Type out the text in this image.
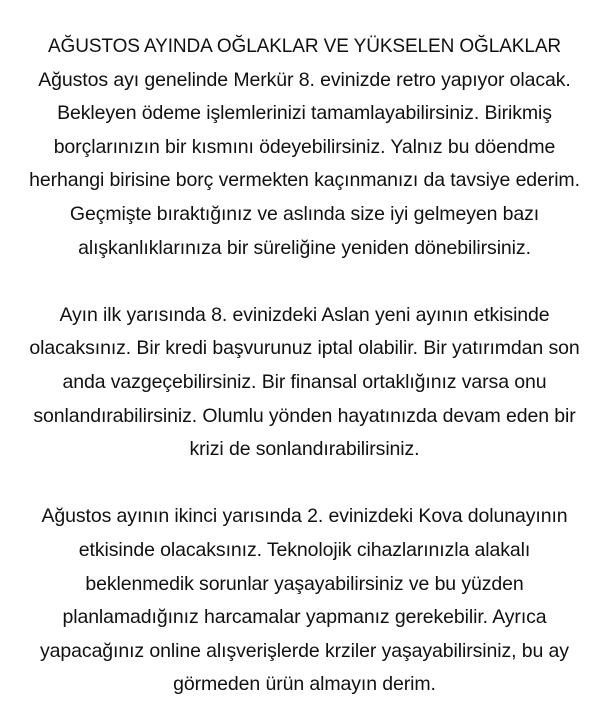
AĞUSTOS AYINDA OĞLAKLAR VE YÜKSELEN OĞLAKLAR
Ağustos ayı genelinde Merkür 8. evinizde retro yapıyor olacak.
Bekleyen ödeme işlemlerinizi tamamlayabilirsiniz. Birikmiş
borçlarınızın bir kısmını ödeyebilirsiniz. Yalnız bu döendme
herhangi birisine borç vermekten kaçınmanızı da tavsiye ederim.
Geçmişte bıraktığınız ve aslında size iyi gelmeyen bazı
alışkanlıklarınıza bir süreliğine yeniden dönebilirsiniz.
Ayın ilk yarısında 8. evinizdeki Aslan yeni ayının etkisinde
olacaksınız. Bir kredi başvurunuz iptal olabilir. Bir yatırımdan son
anda vazgeçebilirsiniz. Bir finansal ortaklığınız varsa onu
sonlandırabilirsiniz. Olumlu yönden hayatınızda devam eden bir
krizi de sonlandırabilirsiniz.
Ağustos ayının ikinci yarısında 2. evinizdeki Kova dolunayının
etkisinde olacaksınız. Teknolojik cihazlarınızla alakalı
beklenmedik sorunlar yaşayabilirsiniz ve bu yüzden
planlamadığınız harcamalar yapmanız gerekebilir. Ayrıca
yapacağınız online alışverişlerde krziler yaşayabilirsiniz, bu ay
görmeden ürün almayın derim.
